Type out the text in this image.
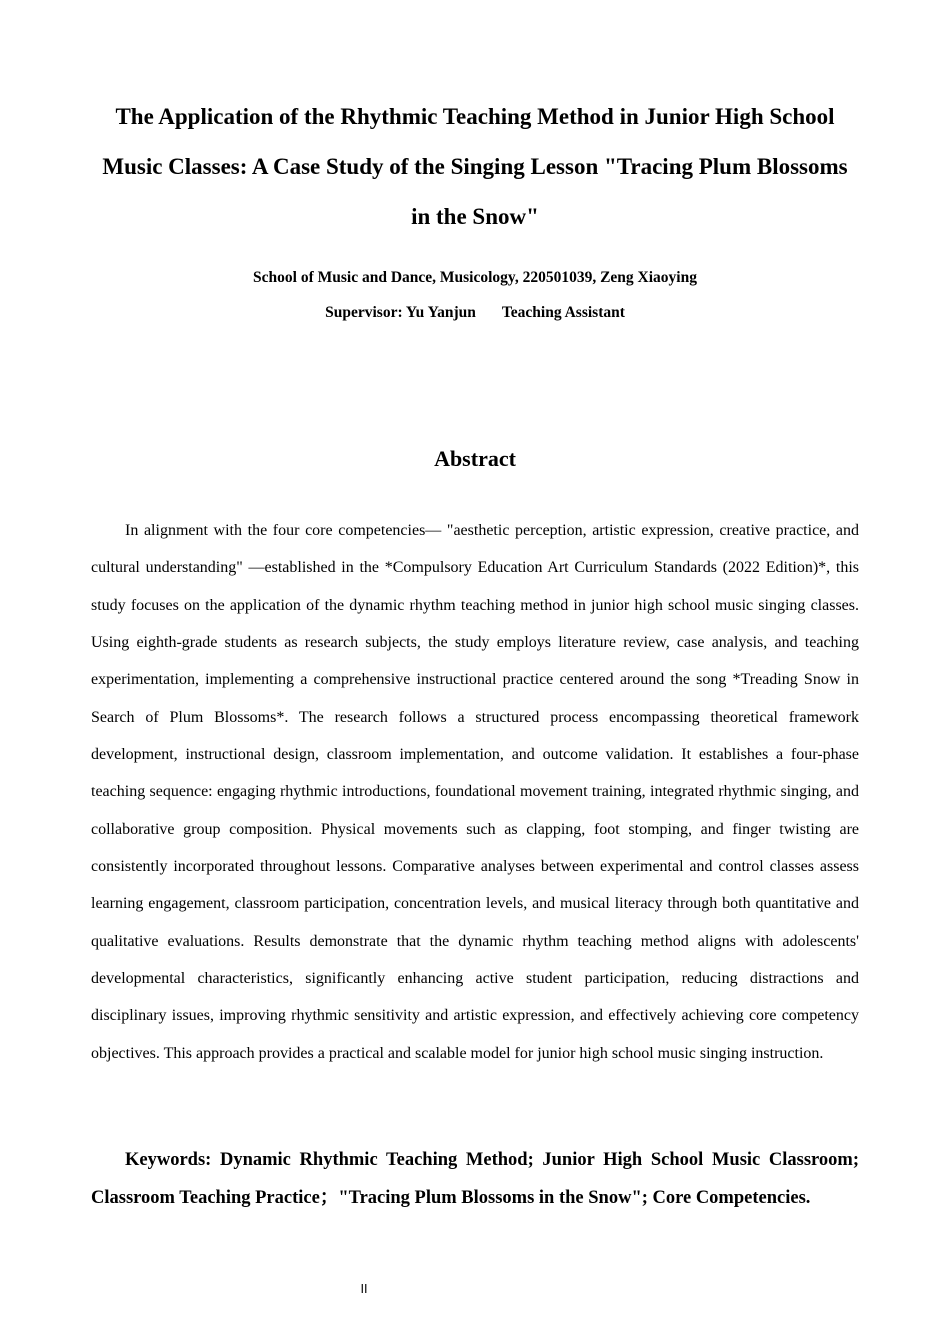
The Application of the Rhythmic Teaching Method in Junior High School Music Classes: A Case Study of the Singing Lesson "Tracing Plum Blossoms in the Snow"

School of Music and Dance, Musicology, 220501039, Zeng Xiaoying

Supervisor: Yu Yanjun Teaching Assistant

Abstract

In alignment with the four core competencies— "aesthetic perception, artistic expression, creative practice, and cultural understanding" —established in the *Compulsory Education Art Curriculum Standards (2022 Edition)*, this study focuses on the application of the dynamic rhythm teaching method in junior high school music singing classes. Using eighth-grade students as research subjects, the study employs literature review, case analysis, and teaching experimentation, implementing a comprehensive instructional practice centered around the song *Treading Snow in Search of Plum Blossoms*. The research follows a structured process encompassing theoretical framework development, instructional design, classroom implementation, and outcome validation. It establishes a four-phase teaching sequence: engaging rhythmic introductions, foundational movement training, integrated rhythmic singing, and collaborative group composition. Physical movements such as clapping, foot stomping, and finger twisting are consistently incorporated throughout lessons. Comparative analyses between experimental and control classes assess learning engagement, classroom participation, concentration levels, and musical literacy through both quantitative and qualitative evaluations. Results demonstrate that the dynamic rhythm teaching method aligns with adolescents' developmental characteristics, significantly enhancing active student participation, reducing distractions and disciplinary issues, improving rhythmic sensitivity and artistic expression, and effectively achieving core competency objectives. This approach provides a practical and scalable model for junior high school music singing instruction.

Keywords: Dynamic Rhythmic Teaching Method; Junior High School Music Classroom; Classroom Teaching Practice；"Tracing Plum Blossoms in the Snow"; Core Competencies.

II
